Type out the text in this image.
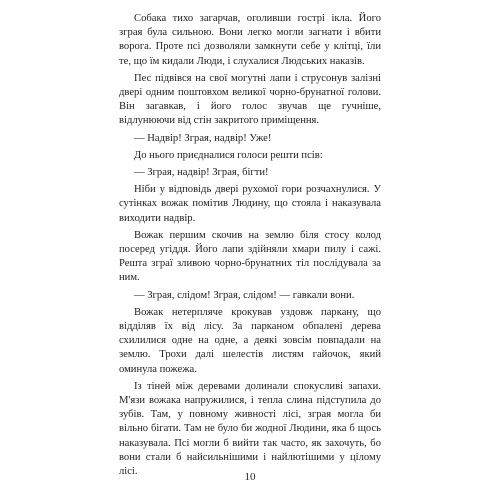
Собака тихо загарчав, оголивши гострі ікла. Його зграя була сильною. Вони легко могли загнати і вбити ворога. Проте псі дозволяли замкнути себе у клітці, їли те, що їм кидали Люди, і слухалися Людських наказів.

Пес підвівся на свої могутні лапи і струсонув залізні двері одним поштовхом великої чорно-брунатної голови. Він загавкав, і його голос звучав ще гучніше, відлунюючи від стін закритого приміщення.

— Надвір! Зграя, надвір! Уже!

До нього приєдналися голоси решти псів:

— Зграя, надвір! Зграя, бігти!

Ніби у відповідь двері рухомої гори розчахнулися. У сутінках вожак помітив Людину, що стояла і наказувала виходити надвір.

Вожак першим скочив на землю біля стосу колод посеред угіддя. Його лапи здійняли хмари пилу і сажі. Решта зграї зливою чорно-брунатних тіл послідувала за ним.

— Зграя, слідом! Зграя, слідом! — гавкали вони.

Вожак нетерпляче крокував уздовж паркану, що відділяв їх від лісу. За парканом обпалені дерева схилилися одне на одне, а деякі зовсім повпадали на землю. Трохи далі шелестів листям гайочок, який оминула пожежа.

Із тіней між деревами долинали спокусливі запахи. М'язи вожака напружилися, і тепла слина підступила до зубів. Там, у повному живності лісі, зграя могла би вільно бігати. Там не було би жодної Людини, яка б щось наказувала. Псі могли б вийти так часто, як захочуть, бо вони стали б найсильнішими і найлютішими у цілому лісі.	10
